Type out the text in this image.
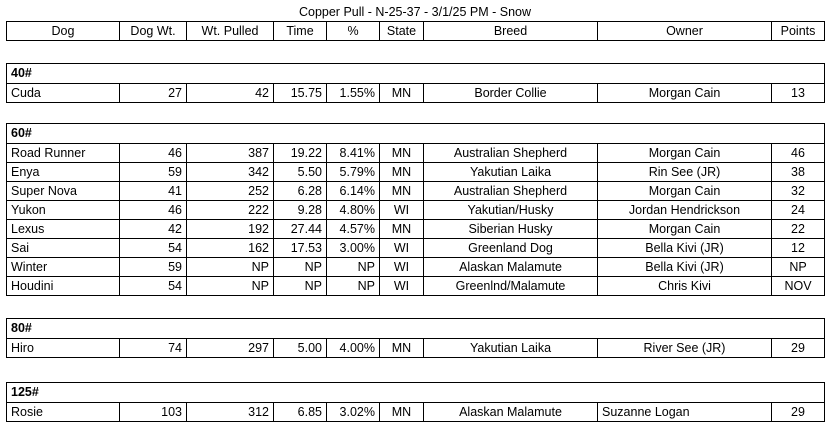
Copper Pull - N-25-37 - 3/1/25 PM - Snow
Dog	Dog Wt.	Wt. Pulled	Time	%	State	Breed	Owner	Points
40#
Cuda	27	42	15.75	1.55%	MN	Border Collie	Morgan Cain	13
60#								
Road Runner	46	387	19.22	8.41%	MN	Australian Shepherd	Morgan Cain	46
Enya	59	342	5.50	5.79%	MN	Yakutian Laika	Rin See (JR)	38
Super Nova	41	252	6.28	6.14%	MN	Australian Shepherd	Morgan Cain	32
Yukon	46	222	9.28	4.80%	WI	Yakutian/Husky	Jordan Hendrickson	24
Lexus	42	192	27.44	4.57%	MN	Siberian Husky	Morgan Cain	22
Sai	54	162	17.53	3.00%	WI	Greenland Dog	Bella Kivi (JR)	12
Winter	59	NP	NP	NP	WI	Alaskan Malamute	Bella Kivi (JR)	NP
Houdini	54	NP	NP	NP	WI	Greenlnd/Malamute	Chris Kivi	NOV
80#
Hiro	74	297	5.00	4.00%	MN	Yakutian Laika	River See (JR)	29
125#
Rosie	103	312	6.85	3.02%	MN	Alaskan Malamute	Suzanne Logan	29
